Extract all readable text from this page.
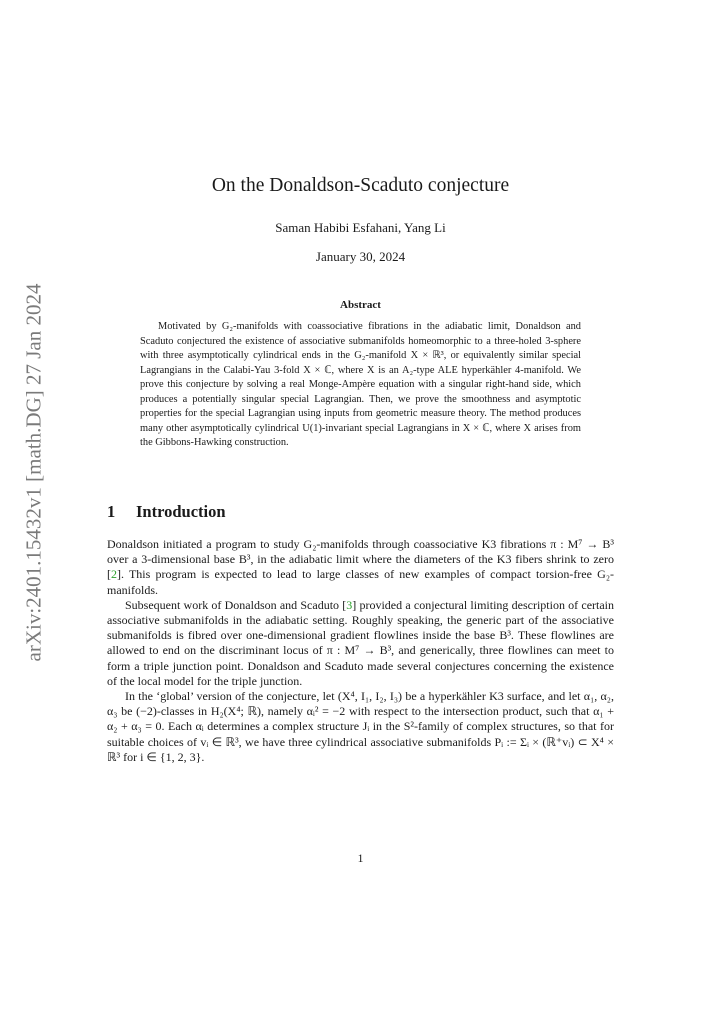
arXiv:2401.15432v1 [math.DG] 27 Jan 2024
On the Donaldson-Scaduto conjecture
Saman Habibi Esfahani, Yang Li
January 30, 2024
Abstract
Motivated by G₂-manifolds with coassociative fibrations in the adiabatic limit, Donaldson and Scaduto conjectured the existence of associative submanifolds homeomorphic to a three-holed 3-sphere with three asymptotically cylindrical ends in the G₂-manifold X × ℝ³, or equivalently similar special Lagrangians in the Calabi-Yau 3-fold X × ℂ, where X is an A₂-type ALE hyperkähler 4-manifold. We prove this conjecture by solving a real Monge-Ampère equation with a singular right-hand side, which produces a potentially singular special Lagrangian. Then, we prove the smoothness and asymptotic properties for the special Lagrangian using inputs from geometric measure theory. The method produces many other asymptotically cylindrical U(1)-invariant special Lagrangians in X × ℂ, where X arises from the Gibbons-Hawking construction.
1 Introduction

Donaldson initiated a program to study G₂-manifolds through coassociative K3 fibrations π : M⁷ → B³ over a 3-dimensional base B³, in the adiabatic limit where the diameters of the K3 fibers shrink to zero [2]. This program is expected to lead to large classes of new examples of compact torsion-free G₂-manifolds.

Subsequent work of Donaldson and Scaduto [3] provided a conjectural limiting description of certain associative submanifolds in the adiabatic setting. Roughly speaking, the generic part of the associative submanifolds is fibred over one-dimensional gradient flowlines inside the base B³. These flowlines are allowed to end on the discriminant locus of π : M⁷ → B³, and generically, three flowlines can meet to form a triple junction point. Donaldson and Scaduto made several conjectures concerning the existence of the local model for the triple junction.

In the ‘global’ version of the conjecture, let (X⁴, I₁, I₂, I₃) be a hyperkähler K3 surface, and let α₁, α₂, α₃ be (−2)-classes in H₂(X⁴; ℝ), namely αᵢ² = −2 with respect to the intersection product, such that α₁ + α₂ + α₃ = 0. Each αᵢ determines a complex structure Jᵢ in the S²-family of complex structures, so that for suitable choices of vᵢ ∈ ℝ³, we have three cylindrical associative submanifolds Pᵢ := Σᵢ × (ℝ⁺vᵢ) ⊂ X⁴ × ℝ³ for i ∈ {1, 2, 3}.

1
